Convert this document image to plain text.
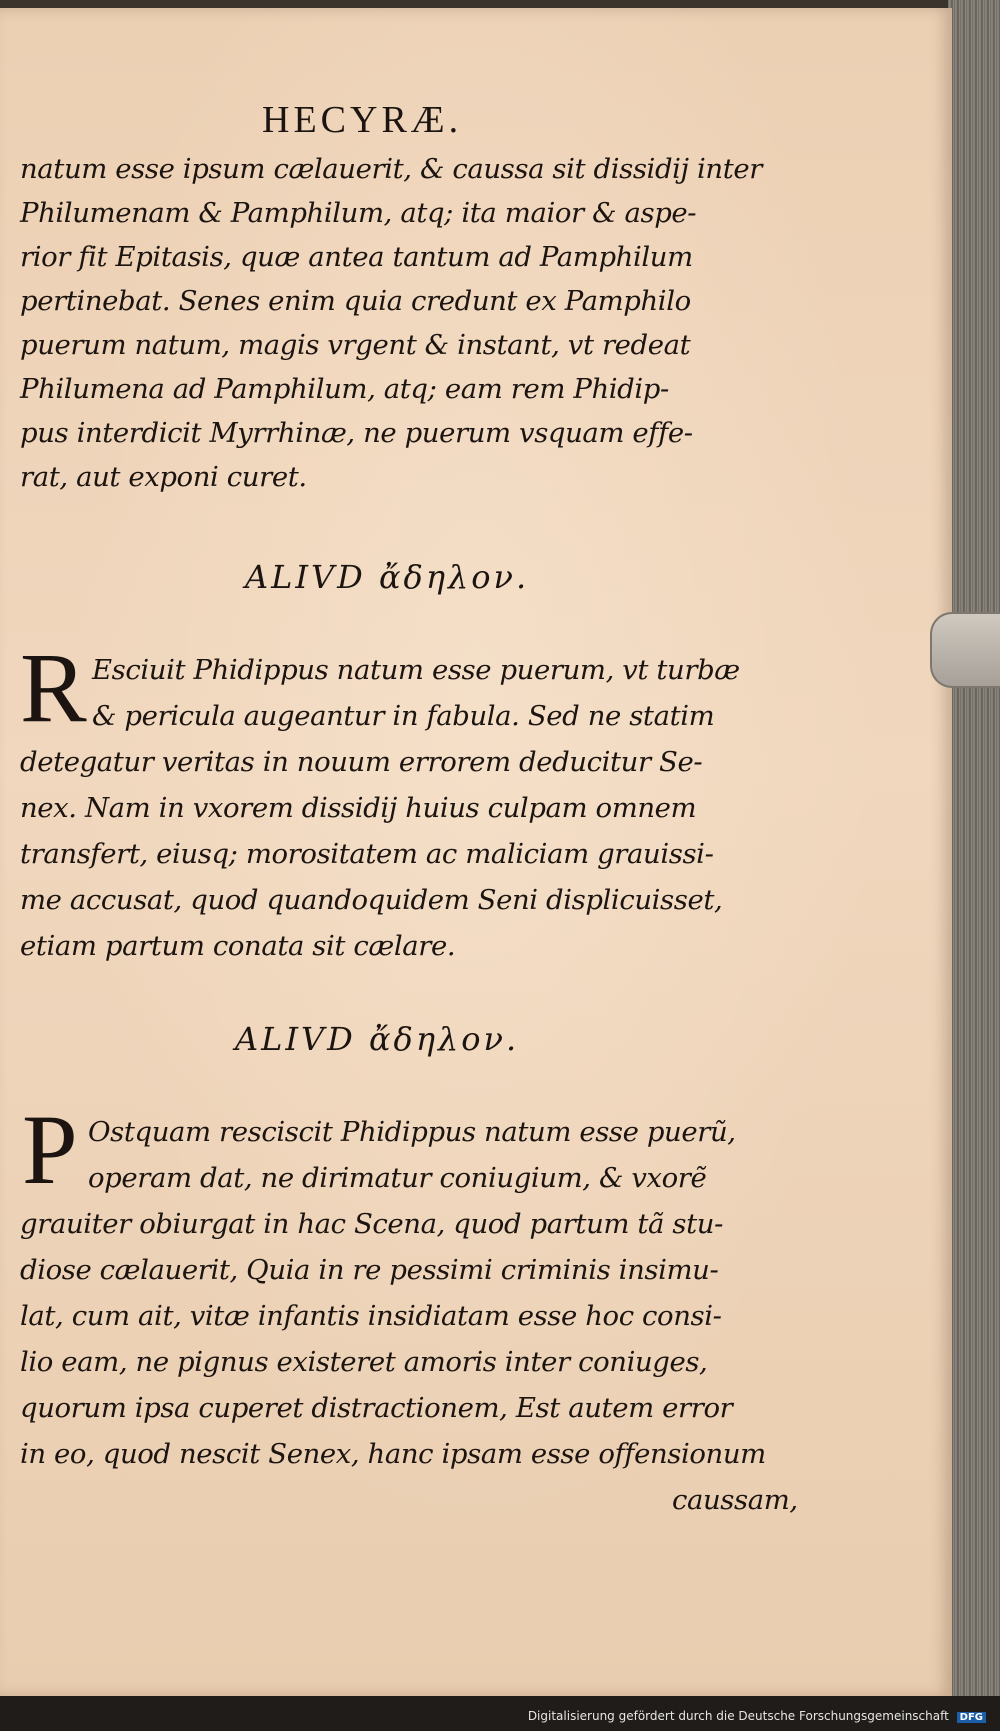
HECYRÆ.
natum esse ipsum cælauerit, & caussa sit dissidij inter
Philumenam & Pamphilum, atq; ita maior & aspe-
rior fit Epitasis, quæ antea tantum ad Pamphilum
pertinebat. Senes enim quia credunt ex Pamphilo
puerum natum, magis vrgent & instant, vt redeat
Philumena ad Pamphilum, atq; eam rem Phidip-
pus interdicit Myrrhinæ, ne puerum vsquam effe-
rat, aut exponi curet.
ALIVD ἄδηλον.
R Esciuit Phidippus natum esse puerum, vt turbæ
& pericula augeantur in fabula. Sed ne statim
detegatur veritas in nouum errorem deducitur Se-
nex. Nam in vxorem dissidij huius culpam omnem
transfert, eiusq; morositatem ac maliciam grauissi-
me accusat, quod quandoquidem Seni displicuisset,
etiam partum conata sit cælare.
ALIVD ἄδηλον.
P Ostquam resciscit Phidippus natum esse puerũ,
operam dat, ne dirimatur coniugium, & vxorẽ
grauiter obiurgat in hac Scena, quod partum tã stu-
diose cælauerit, Quia in re pessimi criminis insimu-
lat, cum ait, vitæ infantis insidiatam esse hoc consi-
lio eam, ne pignus existeret amoris inter coniuges,
quorum ipsa cuperet distractionem, Est autem error
in eo, quod nescit Senex, hanc ipsam esse offensionum
caussam,
Digitalisierung gefördert durch die Deutsche Forschungsgemeinschaft DFG
